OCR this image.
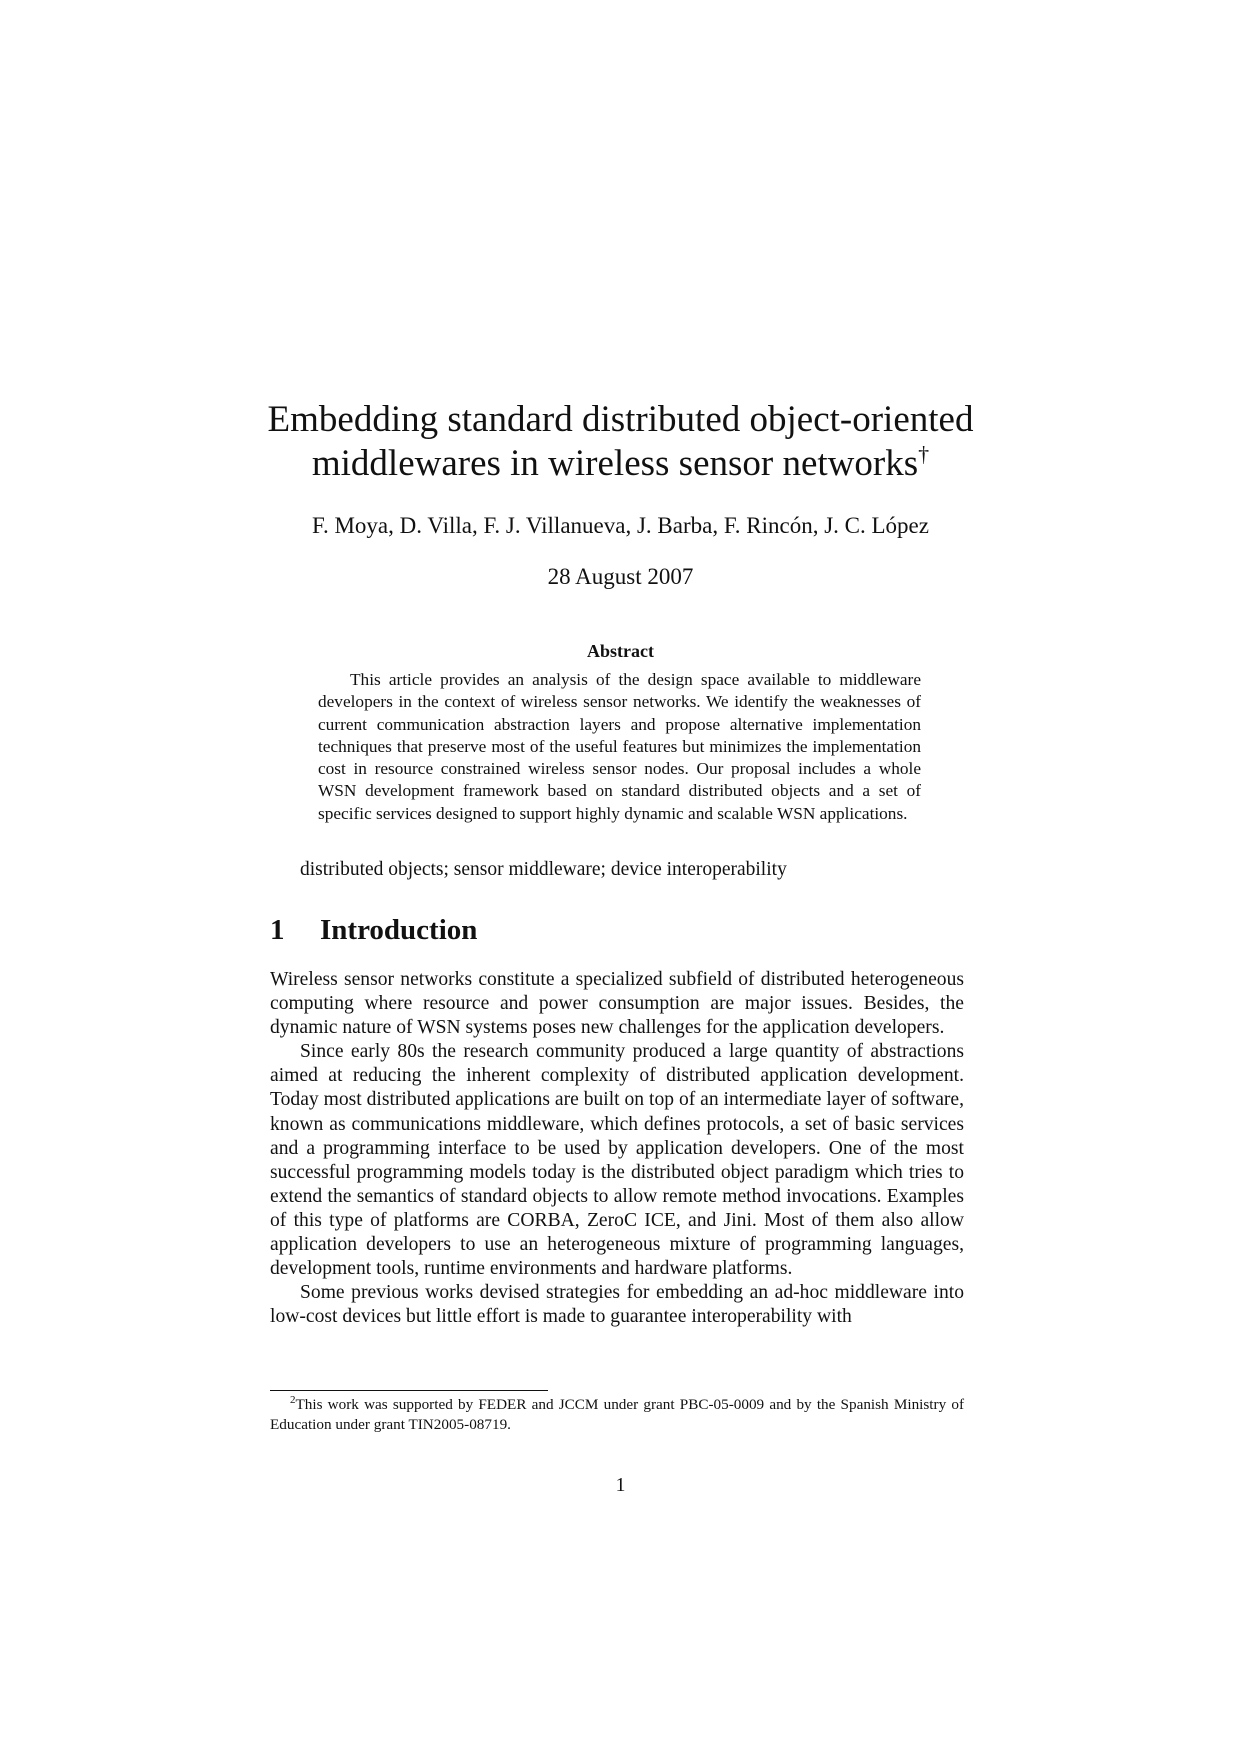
Embedding standard distributed object-oriented
middlewares in wireless sensor networks†
F. Moya, D. Villa, F. J. Villanueva, J. Barba, F. Rincón, J. C. López
28 August 2007
Abstract

This article provides an analysis of the design space available to middleware developers in the context of wireless sensor networks. We identify the weaknesses of current communication abstraction layers and propose alternative implementation techniques that preserve most of the useful features but minimizes the implementation cost in resource constrained wireless sensor nodes. Our proposal includes a whole WSN development framework based on standard distributed objects and a set of specific services designed to support highly dynamic and scalable WSN applications.

distributed objects; sensor middleware; device interoperability
1 Introduction

Wireless sensor networks constitute a specialized subfield of distributed heterogeneous computing where resource and power consumption are major issues. Besides, the dynamic nature of WSN systems poses new challenges for the application developers.

Since early 80s the research community produced a large quantity of abstractions aimed at reducing the inherent complexity of distributed application development. Today most distributed applications are built on top of an intermediate layer of software, known as communications middleware, which defines protocols, a set of basic services and a programming interface to be used by application developers. One of the most successful programming models today is the distributed object paradigm which tries to extend the semantics of standard objects to allow remote method invocations. Examples of this type of platforms are CORBA, ZeroC ICE, and Jini. Most of them also allow application developers to use an heterogeneous mixture of programming languages, development tools, runtime environments and hardware platforms.

Some previous works devised strategies for embedding an ad-hoc middleware into low-cost devices but little effort is made to guarantee interoperability with

$^2$This work was supported by FEDER and JCCM under grant PBC-05-0009 and by the Spanish Ministry of Education under grant TIN2005-08719.

1
